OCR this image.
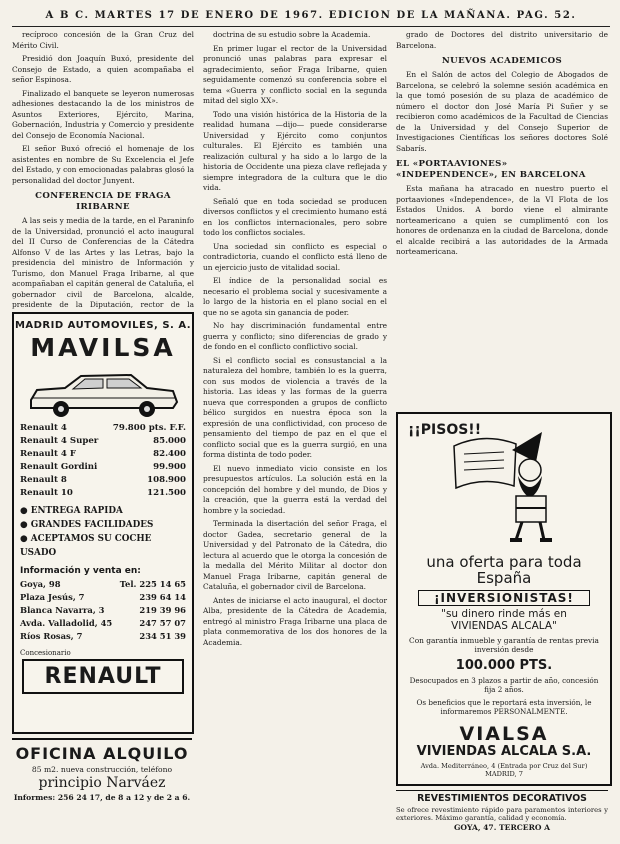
A B C. MARTES 17 DE ENERO DE 1967. EDICION DE LA MAÑANA. PAG. 52.

recíproco concesión de la Gran Cruz del Mérito Civil.

Presidió don Joaquín Buxó, presidente del Consejo de Estado, a quien acompañaba el señor Espinosa.

Finalizado el banquete se leyeron numerosas adhesiones destacando la de los ministros de Asuntos Exteriores, Ejército, Marina, Gobernación, Industria y Comercio y presidente del Consejo de Economía Nacional.

El señor Buxó ofreció el homenaje de los asistentes en nombre de Su Excelencia el Jefe del Estado, y con emocionadas palabras glosó la personalidad del doctor Junyent.

CONFERENCIA DE FRAGA
IRIBARNE

A las seis y media de la tarde, en el Paraninfo de la Universidad, pronunció el acto inaugural del II Curso de Conferencias de la Cátedra Alfonso V de las Artes y las Letras, bajo la presidencia del ministro de Información y Turismo, don Manuel Fraga Iribarne, al que acompañaban el capitán general de Cataluña, el gobernador civil de Barcelona, alcalde, presidente de la Diputación, rector de la

doctrina de su estudio sobre la Academia.

En primer lugar el rector de la Universidad pronunció unas palabras para expresar el agradecimiento, señor Fraga Iribarne, quien seguidamente comenzó su conferencia sobre el tema «Guerra y conflicto social en la segunda mitad del siglo XX».

Todo una visión histórica de la Historia de la realidad humana —dijo— puede considerarse Universidad y Ejército como conjuntos culturales. El Ejército es también una realización cultural y ha sido a lo largo de la historia de Occidente una pieza clave reflejada y siempre integradora de la cultura que le dio vida.

Señaló que en toda sociedad se producen diversos conflictos y el crecimiento humano está en los conflictos internacionales, pero sobre todo los conflictos sociales.

Una sociedad sin conflicto es especial o contradictoria, cuando el conflicto está lleno de un ejercicio justo de vitalidad social.

El índice de la personalidad social es necesario el problema social y sucesivamente a lo largo de la historia en el plano social en el que no se agota sin ganancia de poder.

No hay discriminación fundamental entre guerra y conflicto; sino diferencias de grado y de fondo en el conflicto conflictivo social.

Si el conflicto social es consustancial a la naturaleza del hombre, también lo es la guerra, con sus modos de violencia a través de la historia. Las ideas y las formas de la guerra nueva que corresponden a grupos de conflicto bélico surgidos en nuestra época son la expresión de una conflictividad, con proceso de pensamiento del tiempo de paz en el que el conflicto social que es la guerra surgió, en una forma distinta de todo poder.

El nuevo inmediato vicio consiste en los presupuestos artículos. La solución está en la concepción del hombre y del mundo, de Dios y la creación, que la guerra está la verdad del hombre y la sociedad.

Terminada la disertación del señor Fraga, el doctor Gadea, secretario general de la Universidad y del Patronato de la Cátedra, dio lectura al acuerdo que le otorga la concesión de la medalla del Mérito Militar al doctor don Manuel Fraga Iribarne, capitán general de Cataluña, el gobernador civil de Barcelona.

Antes de iniciarse el acto inaugural, el doctor Alba, presidente de la Cátedra de Academia, entregó al ministro Fraga Iribarne una placa de plata conmemorativa de los dos honores de la Academia.

grado de Doctores del distrito universitario de Barcelona.

NUEVOS ACADEMICOS

En el Salón de actos del Colegio de Abogados de Barcelona, se celebró la solemne sesión académica en la que tomó posesión de su plaza de académico de número el doctor don José María Pi Suñer y se recibieron como académicos de la Facultad de Ciencias de la Universidad y del Consejo Superior de Investigaciones Científicas los señores doctores Solé Sabarís.

EL «PORTAAVIONES» «INDEPENDENCE», EN BARCELONA

Esta mañana ha atracado en nuestro puerto el portaaviones «Independence», de la VI Flota de los Estados Unidos. A bordo viene el almirante norteamericano a quien se cumplimentó con los honores de ordenanza en la ciudad de Barcelona, donde el alcalde recibirá a las autoridades de la Armada norteamericana.

MADRID AUTOMOVILES, S. A.
MAVILSA
Renault 4	79.800 pts. F.F.
Renault 4 Super	85.000
Renault 4 F	82.400
Renault Gordini	99.900
Renault 8	108.900
Renault 10	121.500
● ENTREGA RAPIDA
● GRANDES FACILIDADES
● ACEPTAMOS SU COCHE USADO
Información y venta en:
Goya, 98	Tel. 225 14 65
Plaza Jesús, 7	239 64 14
Blanca Navarra, 3	219 39 96
Avda. Valladolid, 45	247 57 07
Ríos Rosas, 7	234 51 39
Concesionario
RENAULT
OFICINA ALQUILO
85 m2. nueva construcción, teléfono
principio Narváez
Informes: 256 24 17, de 8 a 12 y de 2 a 6.
¡¡PISOS!!
una oferta para toda
España
¡INVERSIONISTAS!
"su dinero rinde más en
VIVIENDAS ALCALA"
Con garantía inmueble y garantía de rentas previa inversión desde
100.000 PTS.
Desocupados en 3 plazos a partir de año, concesión fija 2 años.
Os beneficios que le reportará esta inversión, le informaremos PERSONALMENTE.
VIALSA
VIVIENDAS ALCALA S.A.
Avda. Mediterráneo, 4 (Entrada por Cruz del Sur) MADRID, 7
REVESTIMIENTOS DECORATIVOS
Se ofrece revestimiento rápido para paramentos interiores y exteriores. Máximo garantía, calidad y economía.
GOYA, 47. TERCERO A
